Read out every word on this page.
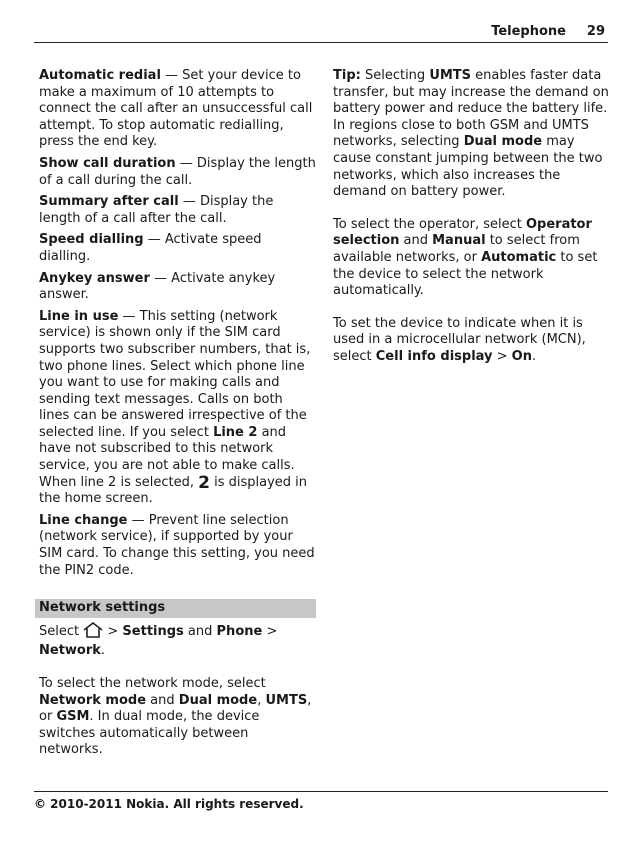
Telephone 29

Automatic redial — Set your device to make a maximum of 10 attempts to connect the call after an unsuccessful call attempt. To stop automatic redialling, press the end key.

Show call duration — Display the length of a call during the call.

Summary after call — Display the length of a call after the call.

Speed dialling — Activate speed dialling.

Anykey answer — Activate anykey answer.

Line in use — This setting (network service) is shown only if the SIM card supports two subscriber numbers, that is, two phone lines. Select which phone line you want to use for making calls and sending text messages. Calls on both lines can be answered irrespective of the selected line. If you select Line 2 and have not subscribed to this network service, you are not able to make calls. When line 2 is selected, 2 is displayed in the home screen.

Line change — Prevent line selection (network service), if supported by your SIM card. To change this setting, you need the PIN2 code.

Network settings

Select  > Settings and Phone > Network.

To select the network mode, select Network mode and Dual mode, UMTS, or GSM. In dual mode, the device switches automatically between networks.

Tip: Selecting UMTS enables faster data transfer, but may increase the demand on battery power and reduce the battery life. In regions close to both GSM and UMTS networks, selecting Dual mode may cause constant jumping between the two networks, which also increases the demand on battery power.

To select the operator, select Operator selection and Manual to select from available networks, or Automatic to set the device to select the network automatically.

To set the device to indicate when it is used in a microcellular network (MCN), select Cell info display > On.

© 2010-2011 Nokia. All rights reserved.
